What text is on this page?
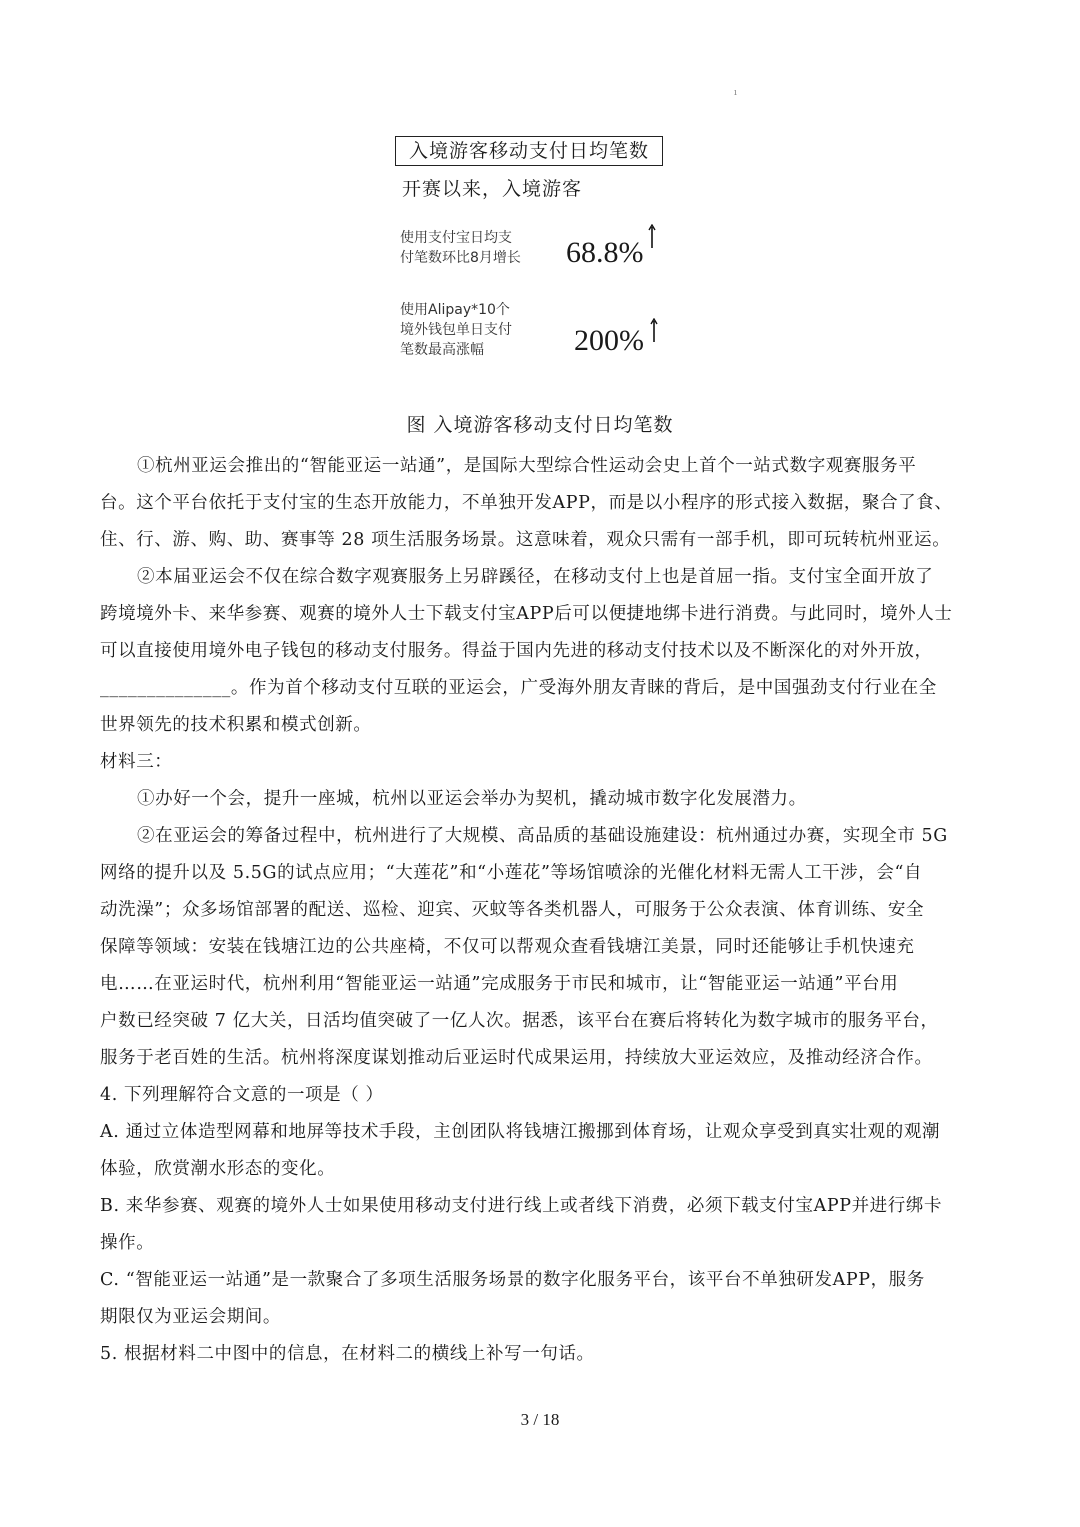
ı
入境游客移动支付日均笔数
开赛以来，入境游客
使用支付宝日均支
付笔数环比8月增长	68.8%
使用Alipay*10个
境外钱包单日支付
笔数最高涨幅	200%
图 入境游客移动支付日均笔数
①杭州亚运会推出的“智能亚运一站通”，是国际大型综合性运动会史上首个一站式数字观赛服务平
台。这个平台依托于支付宝的生态开放能力，不单独开发APP，而是以小程序的形式接入数据，聚合了食、
住、行、游、购、助、赛事等 28 项生活服务场景。这意味着，观众只需有一部手机，即可玩转杭州亚运。
②本届亚运会不仅在综合数字观赛服务上另辟蹊径，在移动支付上也是首屈一指。支付宝全面开放了
跨境境外卡、来华参赛、观赛的境外人士下载支付宝APP后可以便捷地绑卡进行消费。与此同时，境外人士
可以直接使用境外电子钱包的移动支付服务。得益于国内先进的移动支付技术以及不断深化的对外开放，
______________。作为首个移动支付互联的亚运会，广受海外朋友青睐的背后，是中国强劲支付行业在全
世界领先的技术积累和模式创新。
材料三：
①办好一个会，提升一座城，杭州以亚运会举办为契机，撬动城市数字化发展潜力。
②在亚运会的筹备过程中，杭州进行了大规模、高品质的基础设施建设：杭州通过办赛，实现全市 5G
网络的提升以及 5.5G的试点应用；“大莲花”和“小莲花”等场馆喷涂的光催化材料无需人工干涉，会“自
动洗澡”；众多场馆部署的配送、巡检、迎宾、灭蚊等各类机器人，可服务于公众表演、体育训练、安全
保障等领域：安装在钱塘江边的公共座椅，不仅可以帮观众查看钱塘江美景，同时还能够让手机快速充
电……在亚运时代，杭州利用“智能亚运一站通”完成服务于市民和城市，让“智能亚运一站通”平台用
户数已经突破 7 亿大关，日活均值突破了一亿人次。据悉，该平台在赛后将转化为数字城市的服务平台，
服务于老百姓的生活。杭州将深度谋划推动后亚运时代成果运用，持续放大亚运效应，及推动经济合作。
4. 下列理解符合文意的一项是（ ）
A. 通过立体造型网幕和地屏等技术手段，主创团队将钱塘江搬挪到体育场，让观众享受到真实壮观的观潮
体验，欣赏潮水形态的变化。
B. 来华参赛、观赛的境外人士如果使用移动支付进行线上或者线下消费，必须下载支付宝APP并进行绑卡
操作。
C. “智能亚运一站通”是一款聚合了多项生活服务场景的数字化服务平台，该平台不单独研发APP，服务
期限仅为亚运会期间。
5. 根据材料二中图中的信息，在材料二的横线上补写一句话。
3 / 18
